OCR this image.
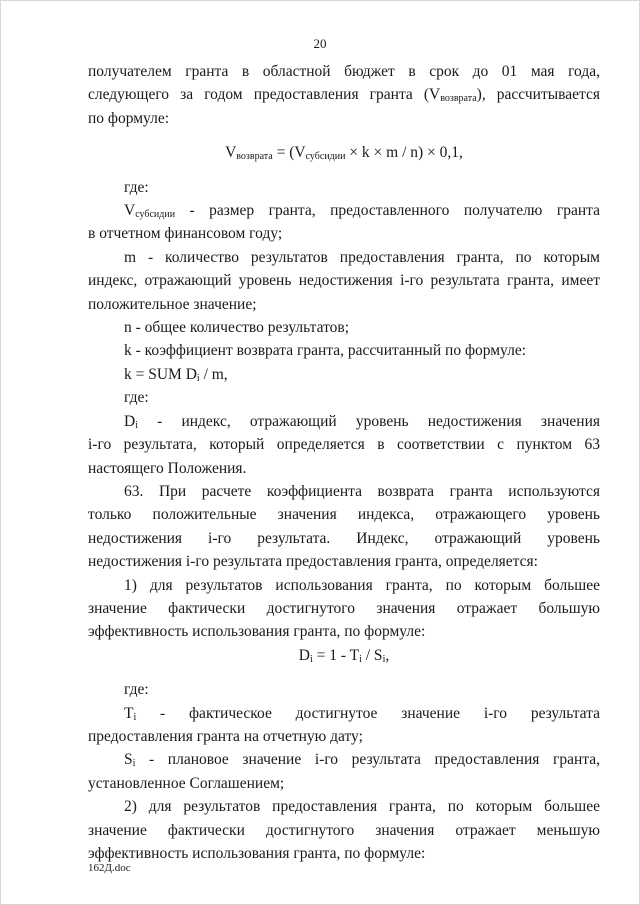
20

получателем гранта в областной бюджет в срок до 01 мая года,

следующего за годом предоставления гранта $(V_{возврата})$, рассчитывается

по формуле:

$V_{возврата} = (V_{субсидии} \times k \times m / n) \times 0,1$,

где:

$V_{субсидии}$ - размер гранта, предоставленного получателю гранта

в отчетном финансовом году;

m - количество результатов предоставления гранта, по которым

индекс, отражающий уровень недостижения i-го результата гранта, имеет

положительное значение;

n - общее количество результатов;

k - коэффициент возврата гранта, рассчитанный по формуле:

k = SUM $D_i$ / m,

где:

$D_i$ - индекс, отражающий уровень недостижения значения

i-го результата, который определяется в соответствии с пунктом 63

настоящего Положения.

63. При расчете коэффициента возврата гранта используются

только положительные значения индекса, отражающего уровень

недостижения i-го результата. Индекс, отражающий уровень

недостижения i-го результата предоставления гранта, определяется:

1) для результатов использования гранта, по которым большее

значение фактически достигнутого значения отражает большую

эффективность использования гранта, по формуле:

$D_i = 1 - T_i / S_i$,

где:

$T_i$ - фактическое достигнутое значение i-го результата

предоставления гранта на отчетную дату;

$S_i$ - плановое значение i-го результата предоставления гранта,

установленное Соглашением;

2) для результатов предоставления гранта, по которым большее

значение фактически достигнутого значения отражает меньшую

эффективность использования гранта, по формуле:

162Д.doc
